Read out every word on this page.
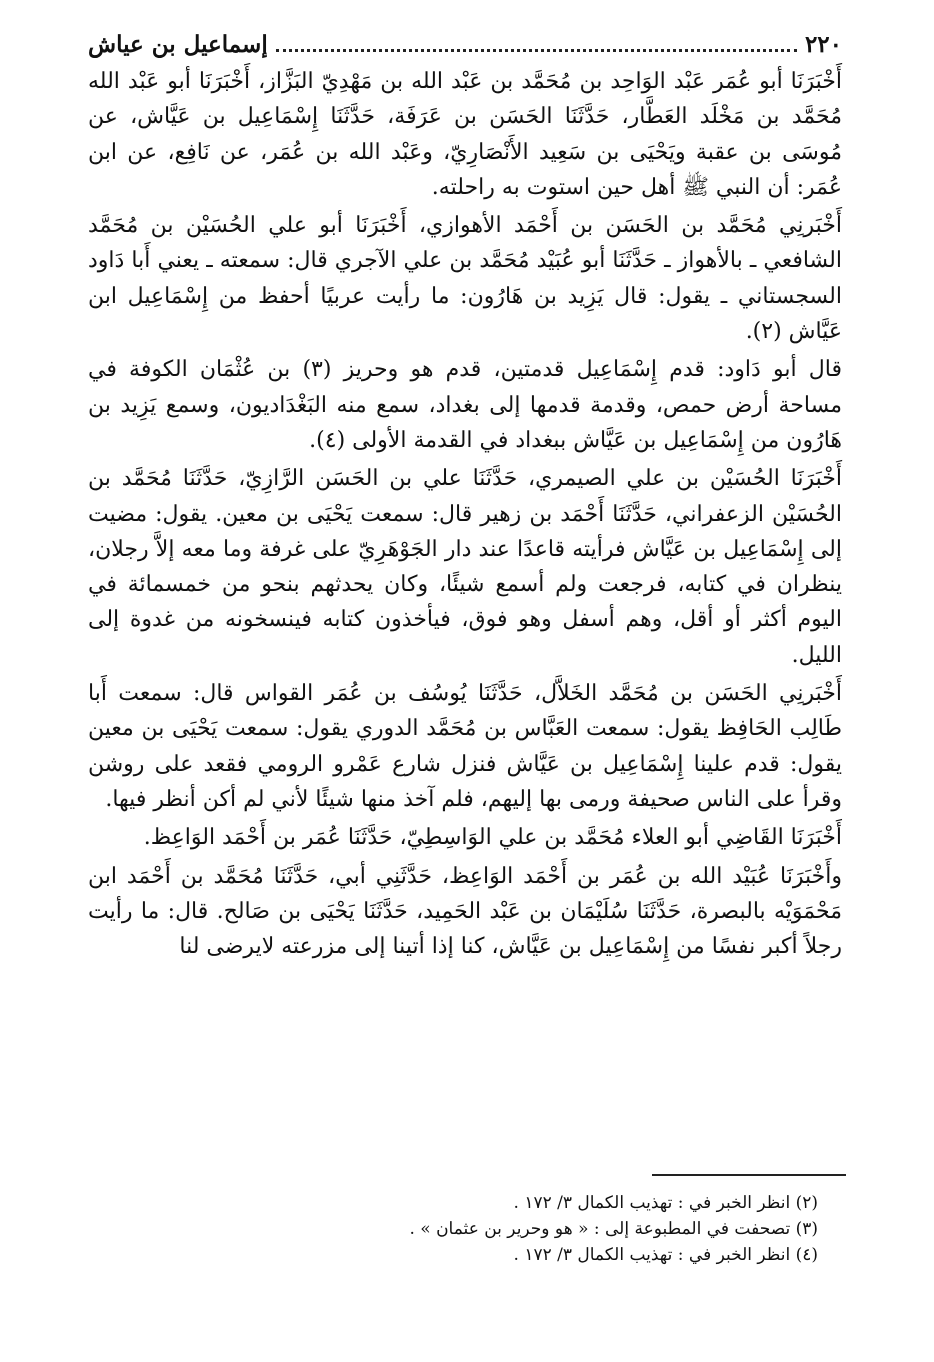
٢٢٠
إسماعيل بن عياش

أَخْبَرَنَا أبو عُمَر عَبْد الوَاحِد بن مُحَمَّد بن عَبْد الله بن مَهْدِيّ البَزَّاز، أَخْبَرَنَا أبو عَبْد الله مُحَمَّد بن مَخْلَد العَطَّار، حَدَّثَنَا الحَسَن بن عَرَفَة، حَدَّثَنَا إِسْمَاعِيل بن عَيَّاش، عن مُوسَى بن عقبة ويَحْيَى بن سَعِيد الأَنْصَارِيّ، وعَبْد الله بن عُمَر، عن نَافِع، عن ابن عُمَر: أن النبي ﷺ أهل حين استوت به راحلته.

أَخْبَرنِي مُحَمَّد بن الحَسَن بن أَحْمَد الأهوازي، أَخْبَرَنَا أبو علي الحُسَيْن بن مُحَمَّد الشافعي ـ بالأهواز ـ حَدَّثَنَا أبو عُبَيْد مُحَمَّد بن علي الآجري قال: سمعته ـ يعني أَبا دَاود السجستاني ـ يقول: قال يَزِيد بن هَارُون: ما رأيت عربيًا أحفظ من إِسْمَاعِيل ابن عَيَّاش (٢).

قال أبو دَاود: قدم إِسْمَاعِيل قدمتين، قدم هو وحريز (٣) بن عُثْمَان الكوفة في مساحة أرض حمص، وقدمة قدمها إلى بغداد، سمع منه البَغْدَاديون، وسمع يَزِيد بن هَارُون من إِسْمَاعِيل بن عَيَّاش ببغداد في القدمة الأولى (٤).

أَخْبَرَنَا الحُسَيْن بن علي الصيمري، حَدَّثَنَا علي بن الحَسَن الرَّازِيّ، حَدَّثَنَا مُحَمَّد بن الحُسَيْن الزعفراني، حَدَّثَنَا أَحْمَد بن زهير قال: سمعت يَحْيَى بن معين. يقول: مضيت إلى إِسْمَاعِيل بن عَيَّاش فرأيته قاعدًا عند دار الجَوْهَرِيّ على غرفة وما معه إلاَّ رجلان، ينظران في كتابه، فرجعت ولم أسمع شيئًا، وكان يحدثهم بنحو من خمسمائة في اليوم أكثر أو أقل، وهم أسفل وهو فوق، فيأخذون كتابه فينسخونه من غدوة إلى الليل.

أَخْبَرنِي الحَسَن بن مُحَمَّد الخَلاَّل، حَدَّثَنَا يُوسُف بن عُمَر القواس قال: سمعت أَبا طَالِب الحَافِظ يقول: سمعت العَبَّاس بن مُحَمَّد الدوري يقول: سمعت يَحْيَى بن معين يقول: قدم علينا إِسْمَاعِيل بن عَيَّاش فنزل شارع عَمْرو الرومي فقعد على روشن وقرأ على الناس صحيفة ورمى بها إليهم، فلم آخذ منها شيئًا لأني لم أكن أنظر فيها.

أَخْبَرَنَا القَاضِي أبو العلاء مُحَمَّد بن علي الوَاسِطِيّ، حَدَّثَنَا عُمَر بن أَحْمَد الوَاعِظ.

وأَخْبَرَنَا عُبَيْد الله بن عُمَر بن أَحْمَد الوَاعِظ، حَدَّثَنِي أبي، حَدَّثَنَا مُحَمَّد بن أَحْمَد ابن مَحْمَوَيْه بالبصرة، حَدَّثَنَا سُلَيْمَان بن عَبْد الحَمِيد، حَدَّثَنَا يَحْيَى بن صَالح. قال: ما رأيت رجلاً أكبر نفسًا من إِسْمَاعِيل بن عَيَّاش، كنا إذا أتينا إلى مزرعته لايرضى لنا

(٢) انظر الخبر في : تهذيب الكمال ٣/ ١٧٢ .
(٣) تصحفت في المطبوعة إلى : « هو وحرير بن عثمان » .
(٤) انظر الخبر في : تهذيب الكمال ٣/ ١٧٢ .
